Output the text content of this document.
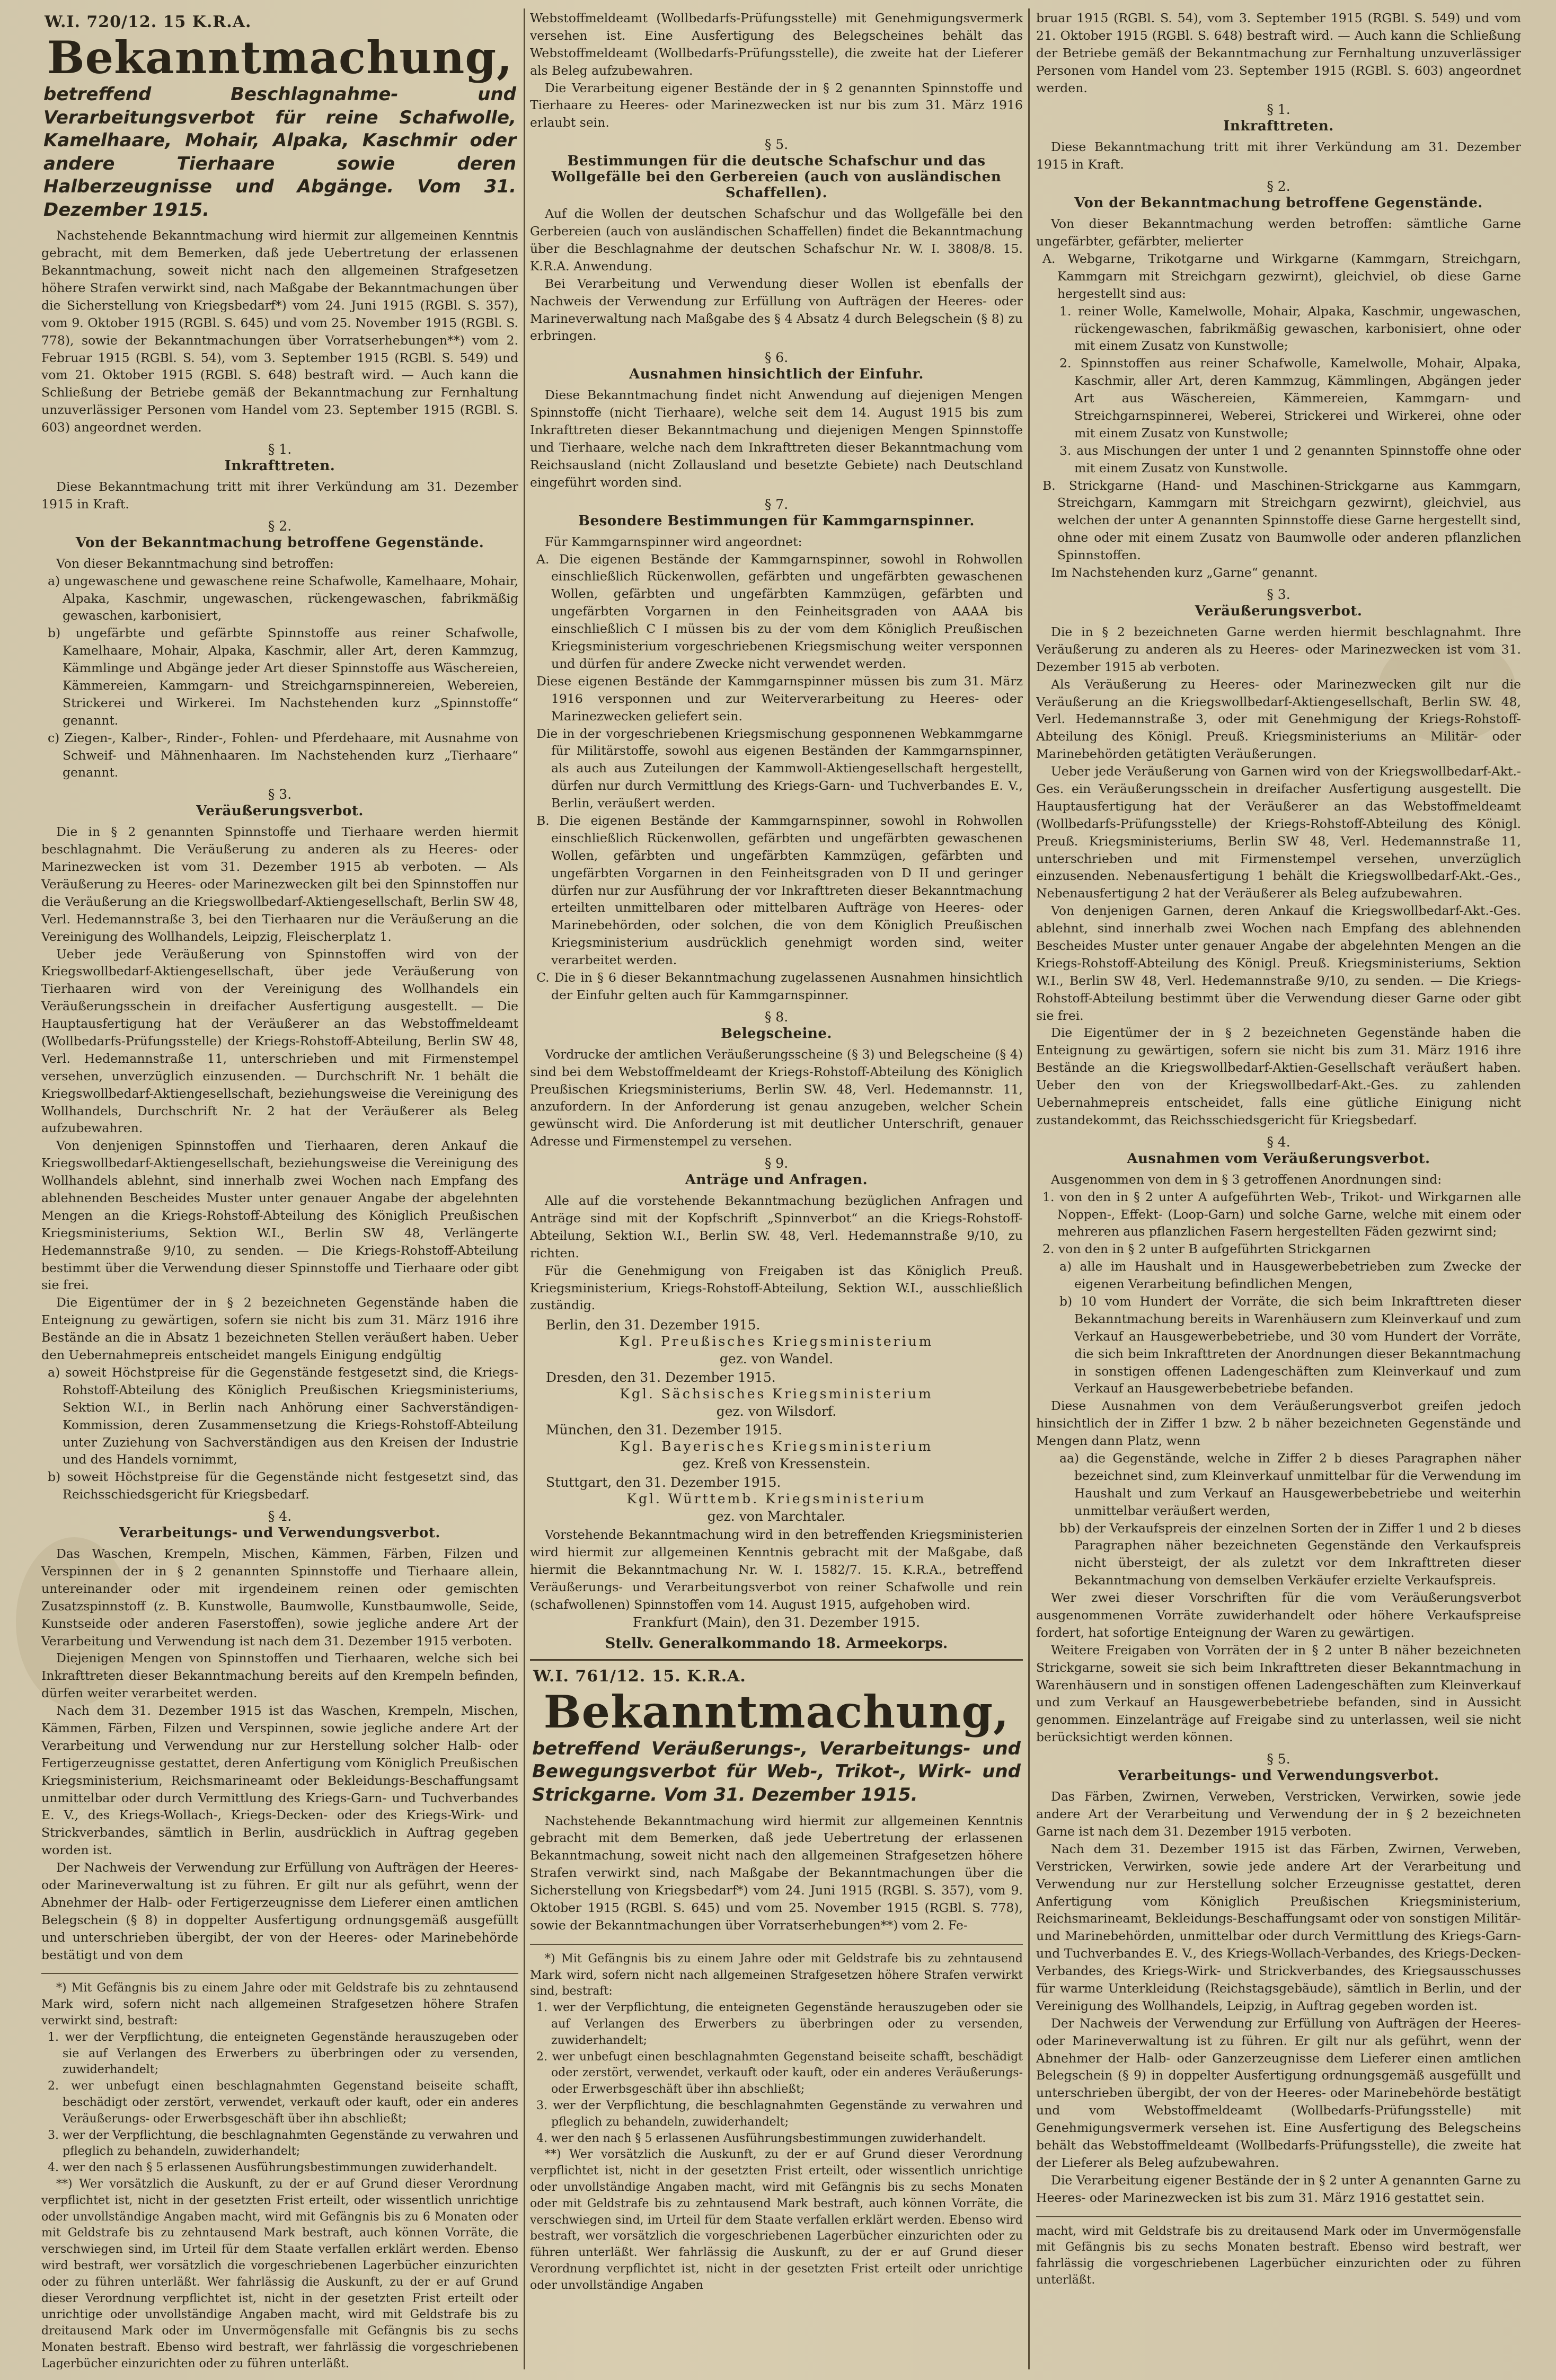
W.I. 720/12. 15 K.R.A.
Bekanntmachung,
betreffend Beschlagnahme- und Verarbeitungsverbot für reine Schafwolle, Kamelhaare, Mohair, Alpaka, Kaschmir oder andere Tierhaare sowie deren Halberzeugnisse und Abgänge. Vom 31. Dezember 1915.

Nachstehende Bekanntmachung wird hiermit zur allgemeinen Kenntnis gebracht, mit dem Bemerken, daß jede Uebertretung der erlassenen Bekanntmachung, soweit nicht nach den allgemeinen Strafgesetzen höhere Strafen verwirkt sind, nach Maßgabe der Bekanntmachungen über die Sicherstellung von Kriegsbedarf*) vom 24. Juni 1915 (RGBl. S. 357), vom 9. Oktober 1915 (RGBl. S. 645) und vom 25. November 1915 (RGBl. S. 778), sowie der Bekanntmachungen über Vorratserhebungen**) vom 2. Februar 1915 (RGBl. S. 54), vom 3. September 1915 (RGBl. S. 549) und vom 21. Oktober 1915 (RGBl. S. 648) bestraft wird. — Auch kann die Schließung der Betriebe gemäß der Bekanntmachung zur Fernhaltung unzuverlässiger Personen vom Handel vom 23. September 1915 (RGBl. S. 603) angeordnet werden.

§ 1.
Inkrafttreten.

Diese Bekanntmachung tritt mit ihrer Verkündung am 31. Dezember 1915 in Kraft.

§ 2.
Von der Bekanntmachung betroffene Gegenstände.

Von dieser Bekanntmachung sind betroffen:

a) ungewaschene und gewaschene reine Schafwolle, Kamelhaare, Mohair, Alpaka, Kaschmir, ungewaschen, rückengewaschen, fabrikmäßig gewaschen, karbonisiert,

b) ungefärbte und gefärbte Spinnstoffe aus reiner Schafwolle, Kamelhaare, Mohair, Alpaka, Kaschmir, aller Art, deren Kammzug, Kämmlinge und Abgänge jeder Art dieser Spinnstoffe aus Wäschereien, Kämmereien, Kammgarn- und Streichgarnspinnereien, Webereien, Strickerei und Wirkerei. Im Nachstehenden kurz „Spinnstoffe“ genannt.

c) Ziegen-, Kalber-, Rinder-, Fohlen- und Pferdehaare, mit Ausnahme von Schweif- und Mähnenhaaren. Im Nachstehenden kurz „Tierhaare“ genannt.

§ 3.
Veräußerungsverbot.

Die in § 2 genannten Spinnstoffe und Tierhaare werden hiermit beschlagnahmt. Die Veräußerung zu anderen als zu Heeres- oder Marinezwecken ist vom 31. Dezember 1915 ab verboten. — Als Veräußerung zu Heeres- oder Marinezwecken gilt bei den Spinnstoffen nur die Veräußerung an die Kriegswollbedarf-Aktiengesellschaft, Berlin SW 48, Verl. Hedemannstraße 3, bei den Tierhaaren nur die Veräußerung an die Vereinigung des Wollhandels, Leipzig, Fleischerplatz 1.

Ueber jede Veräußerung von Spinnstoffen wird von der Kriegswollbedarf-Aktiengesellschaft, über jede Veräußerung von Tierhaaren wird von der Vereinigung des Wollhandels ein Veräußerungsschein in dreifacher Ausfertigung ausgestellt. — Die Hauptausfertigung hat der Veräußerer an das Webstoffmeldeamt (Wollbedarfs-Prüfungsstelle) der Kriegs-Rohstoff-Abteilung, Berlin SW 48, Verl. Hedemannstraße 11, unterschrieben und mit Firmenstempel versehen, unverzüglich einzusenden. — Durchschrift Nr. 1 behält die Kriegswollbedarf-Aktiengesellschaft, beziehungsweise die Vereinigung des Wollhandels, Durchschrift Nr. 2 hat der Veräußerer als Beleg aufzubewahren.

Von denjenigen Spinnstoffen und Tierhaaren, deren Ankauf die Kriegswollbedarf-Aktiengesellschaft, beziehungsweise die Vereinigung des Wollhandels ablehnt, sind innerhalb zwei Wochen nach Empfang des ablehnenden Bescheides Muster unter genauer Angabe der abgelehnten Mengen an die Kriegs-Rohstoff-Abteilung des Königlich Preußischen Kriegsministeriums, Sektion W.I., Berlin SW 48, Verlängerte Hedemannstraße 9/10, zu senden. — Die Kriegs-Rohstoff-Abteilung bestimmt über die Verwendung dieser Spinnstoffe und Tierhaare oder gibt sie frei.

Die Eigentümer der in § 2 bezeichneten Gegenstände haben die Enteignung zu gewärtigen, sofern sie nicht bis zum 31. März 1916 ihre Bestände an die in Absatz 1 bezeichneten Stellen veräußert haben. Ueber den Uebernahmepreis entscheidet mangels Einigung endgültig

a) soweit Höchstpreise für die Gegenstände festgesetzt sind, die Kriegs-Rohstoff-Abteilung des Königlich Preußischen Kriegsministeriums, Sektion W.I., in Berlin nach Anhörung einer Sachverständigen-Kommission, deren Zusammensetzung die Kriegs-Rohstoff-Abteilung unter Zuziehung von Sachverständigen aus den Kreisen der Industrie und des Handels vornimmt,

b) soweit Höchstpreise für die Gegenstände nicht festgesetzt sind, das Reichsschiedsgericht für Kriegsbedarf.

§ 4.
Verarbeitungs- und Verwendungsverbot.

Das Waschen, Krempeln, Mischen, Kämmen, Färben, Filzen und Verspinnen der in § 2 genannten Spinnstoffe und Tierhaare allein, untereinander oder mit irgendeinem reinen oder gemischten Zusatzspinnstoff (z. B. Kunstwolle, Baumwolle, Kunstbaumwolle, Seide, Kunstseide oder anderen Faserstoffen), sowie jegliche andere Art der Verarbeitung und Verwendung ist nach dem 31. Dezember 1915 verboten.

Diejenigen Mengen von Spinnstoffen und Tierhaaren, welche sich bei Inkrafttreten dieser Bekanntmachung bereits auf den Krempeln befinden, dürfen weiter verarbeitet werden.

Nach dem 31. Dezember 1915 ist das Waschen, Krempeln, Mischen, Kämmen, Färben, Filzen und Verspinnen, sowie jegliche andere Art der Verarbeitung und Verwendung nur zur Herstellung solcher Halb- oder Fertigerzeugnisse gestattet, deren Anfertigung vom Königlich Preußischen Kriegsministerium, Reichsmarineamt oder Bekleidungs-Beschaffungsamt unmittelbar oder durch Vermittlung des Kriegs-Garn- und Tuchverbandes E. V., des Kriegs-Wollach-, Kriegs-Decken- oder des Kriegs-Wirk- und Strickverbandes, sämtlich in Berlin, ausdrücklich in Auftrag gegeben worden ist.

Der Nachweis der Verwendung zur Erfüllung von Aufträgen der Heeres- oder Marineverwaltung ist zu führen. Er gilt nur als geführt, wenn der Abnehmer der Halb- oder Fertigerzeugnisse dem Lieferer einen amtlichen Belegschein (§ 8) in doppelter Ausfertigung ordnungsgemäß ausgefüllt und unterschrieben übergibt, der von der Heeres- oder Marinebehörde bestätigt und von dem

*) Mit Gefängnis bis zu einem Jahre oder mit Geldstrafe bis zu zehntausend Mark wird, sofern nicht nach allgemeinen Strafgesetzen höhere Strafen verwirkt sind, bestraft:

1. wer der Verpflichtung, die enteigneten Gegenstände herauszugeben oder sie auf Verlangen des Erwerbers zu überbringen oder zu versenden, zuwiderhandelt;

2. wer unbefugt einen beschlagnahmten Gegenstand beiseite schafft, beschädigt oder zerstört, verwendet, verkauft oder kauft, oder ein anderes Veräußerungs- oder Erwerbsgeschäft über ihn abschließt;

3. wer der Verpflichtung, die beschlagnahmten Gegenstände zu verwahren und pfleglich zu behandeln, zuwiderhandelt;

4. wer den nach § 5 erlassenen Ausführungsbestimmungen zuwiderhandelt.

**) Wer vorsätzlich die Auskunft, zu der er auf Grund dieser Verordnung verpflichtet ist, nicht in der gesetzten Frist erteilt, oder wissentlich unrichtige oder unvollständige Angaben macht, wird mit Gefängnis bis zu 6 Monaten oder mit Geldstrafe bis zu zehntausend Mark bestraft, auch können Vorräte, die verschwiegen sind, im Urteil für dem Staate verfallen erklärt werden. Ebenso wird bestraft, wer vorsätzlich die vorgeschriebenen Lagerbücher einzurichten oder zu führen unterläßt. Wer fahrlässig die Auskunft, zu der er auf Grund dieser Verordnung verpflichtet ist, nicht in der gesetzten Frist erteilt oder unrichtige oder unvollständige Angaben macht, wird mit Geldstrafe bis zu dreitausend Mark oder im Unvermögensfalle mit Gefängnis bis zu sechs Monaten bestraft. Ebenso wird bestraft, wer fahrlässig die vorgeschriebenen Lagerbücher einzurichten oder zu führen unterläßt.

Webstoffmeldeamt (Wollbedarfs-Prüfungsstelle) mit Genehmigungsvermerk versehen ist. Eine Ausfertigung des Belegscheines behält das Webstoffmeldeamt (Wollbedarfs-Prüfungsstelle), die zweite hat der Lieferer als Beleg aufzubewahren.

Die Verarbeitung eigener Bestände der in § 2 genannten Spinnstoffe und Tierhaare zu Heeres- oder Marinezwecken ist nur bis zum 31. März 1916 erlaubt sein.

§ 5.
Bestimmungen für die deutsche Schafschur und das Wollgefälle bei den Gerbereien (auch von ausländischen Schaffellen).

Auf die Wollen der deutschen Schafschur und das Wollgefälle bei den Gerbereien (auch von ausländischen Schaffellen) findet die Bekanntmachung über die Beschlagnahme der deutschen Schafschur Nr. W. I. 3808/8. 15. K.R.A. Anwendung.

Bei Verarbeitung und Verwendung dieser Wollen ist ebenfalls der Nachweis der Verwendung zur Erfüllung von Aufträgen der Heeres- oder Marineverwaltung nach Maßgabe des § 4 Absatz 4 durch Belegschein (§ 8) zu erbringen.

§ 6.
Ausnahmen hinsichtlich der Einfuhr.

Diese Bekanntmachung findet nicht Anwendung auf diejenigen Mengen Spinnstoffe (nicht Tierhaare), welche seit dem 14. August 1915 bis zum Inkrafttreten dieser Bekanntmachung und diejenigen Mengen Spinnstoffe und Tierhaare, welche nach dem Inkrafttreten dieser Bekanntmachung vom Reichsausland (nicht Zollausland und besetzte Gebiete) nach Deutschland eingeführt worden sind.

§ 7.
Besondere Bestimmungen für Kammgarnspinner.

Für Kammgarnspinner wird angeordnet:

A. Die eigenen Bestände der Kammgarnspinner, sowohl in Rohwollen einschließlich Rückenwollen, gefärbten und ungefärbten gewaschenen Wollen, gefärbten und ungefärbten Kammzügen, gefärbten und ungefärbten Vorgarnen in den Feinheitsgraden von AAAA bis einschließlich C I müssen bis zu der vom dem Königlich Preußischen Kriegsministerium vorgeschriebenen Kriegsmischung weiter versponnen und dürfen für andere Zwecke nicht verwendet werden.

Diese eigenen Bestände der Kammgarnspinner müssen bis zum 31. März 1916 versponnen und zur Weiterverarbeitung zu Heeres- oder Marinezwecken geliefert sein.

Die in der vorgeschriebenen Kriegsmischung gesponnenen Webkammgarne für Militärstoffe, sowohl aus eigenen Beständen der Kammgarnspinner, als auch aus Zuteilungen der Kammwoll-Aktiengesellschaft hergestellt, dürfen nur durch Vermittlung des Kriegs-Garn- und Tuchverbandes E. V., Berlin, veräußert werden.

B. Die eigenen Bestände der Kammgarnspinner, sowohl in Rohwollen einschließlich Rückenwollen, gefärbten und ungefärbten gewaschenen Wollen, gefärbten und ungefärbten Kammzügen, gefärbten und ungefärbten Vorgarnen in den Feinheitsgraden von D II und geringer dürfen nur zur Ausführung der vor Inkrafttreten dieser Bekanntmachung erteilten unmittelbaren oder mittelbaren Aufträge von Heeres- oder Marinebehörden, oder solchen, die von dem Königlich Preußischen Kriegsministerium ausdrücklich genehmigt worden sind, weiter verarbeitet werden.

C. Die in § 6 dieser Bekanntmachung zugelassenen Ausnahmen hinsichtlich der Einfuhr gelten auch für Kammgarnspinner.

§ 8.
Belegscheine.

Vordrucke der amtlichen Veräußerungsscheine (§ 3) und Belegscheine (§ 4) sind bei dem Webstoffmeldeamt der Kriegs-Rohstoff-Abteilung des Königlich Preußischen Kriegsministeriums, Berlin SW. 48, Verl. Hedemannstr. 11, anzufordern. In der Anforderung ist genau anzugeben, welcher Schein gewünscht wird. Die Anforderung ist mit deutlicher Unterschrift, genauer Adresse und Firmenstempel zu versehen.

§ 9.
Anträge und Anfragen.

Alle auf die vorstehende Bekanntmachung bezüglichen Anfragen und Anträge sind mit der Kopfschrift „Spinnverbot“ an die Kriegs-Rohstoff-Abteilung, Sektion W.I., Berlin SW. 48, Verl. Hedemannstraße 9/10, zu richten.

Für die Genehmigung von Freigaben ist das Königlich Preuß. Kriegsministerium, Kriegs-Rohstoff-Abteilung, Sektion W.I., ausschließlich zuständig.

Berlin, den 31. Dezember 1915.
Kgl. Preußisches Kriegsministerium
gez. von Wandel.
Dresden, den 31. Dezember 1915.
Kgl. Sächsisches Kriegsministerium
gez. von Wilsdorf.
München, den 31. Dezember 1915.
Kgl. Bayerisches Kriegsministerium
gez. Kreß von Kressenstein.
Stuttgart, den 31. Dezember 1915.
Kgl. Württemb. Kriegsministerium
gez. von Marchtaler.

Vorstehende Bekanntmachung wird in den betreffenden Kriegsministerien wird hiermit zur allgemeinen Kenntnis gebracht mit der Maßgabe, daß hiermit die Bekanntmachung Nr. W. I. 1582/7. 15. K.R.A., betreffend Veräußerungs- und Verarbeitungsverbot von reiner Schafwolle und rein (schafwollenen) Spinnstoffen vom 14. August 1915, aufgehoben wird.

Frankfurt (Main), den 31. Dezember 1915.
Stellv. Generalkommando 18. Armeekorps.
W.I. 761/12. 15. K.R.A.
Bekanntmachung,
betreffend Veräußerungs-, Verarbeitungs- und Bewegungsverbot für Web-, Trikot-, Wirk- und Strickgarne. Vom 31. Dezember 1915.

Nachstehende Bekanntmachung wird hiermit zur allgemeinen Kenntnis gebracht mit dem Bemerken, daß jede Uebertretung der erlassenen Bekanntmachung, soweit nicht nach den allgemeinen Strafgesetzen höhere Strafen verwirkt sind, nach Maßgabe der Bekanntmachungen über die Sicherstellung von Kriegsbedarf*) vom 24. Juni 1915 (RGBl. S. 357), vom 9. Oktober 1915 (RGBl. S. 645) und vom 25. November 1915 (RGBl. S. 778), sowie der Bekanntmachungen über Vorratserhebungen**) vom 2. Fe-

*) Mit Gefängnis bis zu einem Jahre oder mit Geldstrafe bis zu zehntausend Mark wird, sofern nicht nach allgemeinen Strafgesetzen höhere Strafen verwirkt sind, bestraft:

1. wer der Verpflichtung, die enteigneten Gegenstände herauszugeben oder sie auf Verlangen des Erwerbers zu überbringen oder zu versenden, zuwiderhandelt;

2. wer unbefugt einen beschlagnahmten Gegenstand beiseite schafft, beschädigt oder zerstört, verwendet, verkauft oder kauft, oder ein anderes Veräußerungs- oder Erwerbsgeschäft über ihn abschließt;

3. wer der Verpflichtung, die beschlagnahmten Gegenstände zu verwahren und pfleglich zu behandeln, zuwiderhandelt;

4. wer den nach § 5 erlassenen Ausführungsbestimmungen zuwiderhandelt.

**) Wer vorsätzlich die Auskunft, zu der er auf Grund dieser Verordnung verpflichtet ist, nicht in der gesetzten Frist erteilt, oder wissentlich unrichtige oder unvollständige Angaben macht, wird mit Gefängnis bis zu sechs Monaten oder mit Geldstrafe bis zu zehntausend Mark bestraft, auch können Vorräte, die verschwiegen sind, im Urteil für dem Staate verfallen erklärt werden. Ebenso wird bestraft, wer vorsätzlich die vorgeschriebenen Lagerbücher einzurichten oder zu führen unterläßt. Wer fahrlässig die Auskunft, zu der er auf Grund dieser Verordnung verpflichtet ist, nicht in der gesetzten Frist erteilt oder unrichtige oder unvollständige Angaben

bruar 1915 (RGBl. S. 54), vom 3. September 1915 (RGBl. S. 549) und vom 21. Oktober 1915 (RGBl. S. 648) bestraft wird. — Auch kann die Schließung der Betriebe gemäß der Bekanntmachung zur Fernhaltung unzuverlässiger Personen vom Handel vom 23. September 1915 (RGBl. S. 603) angeordnet werden.

§ 1.
Inkrafttreten.

Diese Bekanntmachung tritt mit ihrer Verkündung am 31. Dezember 1915 in Kraft.

§ 2.
Von der Bekanntmachung betroffene Gegenstände.

Von dieser Bekanntmachung werden betroffen: sämtliche Garne ungefärbter, gefärbter, melierter

A. Webgarne, Trikotgarne und Wirkgarne (Kammgarn, Streichgarn, Kammgarn mit Streichgarn gezwirnt), gleichviel, ob diese Garne hergestellt sind aus:

1. reiner Wolle, Kamelwolle, Mohair, Alpaka, Kaschmir, ungewaschen, rückengewaschen, fabrikmäßig gewaschen, karbonisiert, ohne oder mit einem Zusatz von Kunstwolle;

2. Spinnstoffen aus reiner Schafwolle, Kamelwolle, Mohair, Alpaka, Kaschmir, aller Art, deren Kammzug, Kämmlingen, Abgängen jeder Art aus Wäschereien, Kämmereien, Kammgarn- und Streichgarnspinnerei, Weberei, Strickerei und Wirkerei, ohne oder mit einem Zusatz von Kunstwolle;

3. aus Mischungen der unter 1 und 2 genannten Spinnstoffe ohne oder mit einem Zusatz von Kunstwolle.

B. Strickgarne (Hand- und Maschinen-Strickgarne aus Kammgarn, Streichgarn, Kammgarn mit Streichgarn gezwirnt), gleichviel, aus welchen der unter A genannten Spinnstoffe diese Garne hergestellt sind, ohne oder mit einem Zusatz von Baumwolle oder anderen pflanzlichen Spinnstoffen.

Im Nachstehenden kurz „Garne“ genannt.

§ 3.
Veräußerungsverbot.

Die in § 2 bezeichneten Garne werden hiermit beschlagnahmt. Ihre Veräußerung zu anderen als zu Heeres- oder Marinezwecken ist vom 31. Dezember 1915 ab verboten.

Als Veräußerung zu Heeres- oder Marinezwecken gilt nur die Veräußerung an die Kriegswollbedarf-Aktiengesellschaft, Berlin SW. 48, Verl. Hedemannstraße 3, oder mit Genehmigung der Kriegs-Rohstoff-Abteilung des Königl. Preuß. Kriegsministeriums an Militär- oder Marinebehörden getätigten Veräußerungen.

Ueber jede Veräußerung von Garnen wird von der Kriegswollbedarf-Akt.-Ges. ein Veräußerungsschein in dreifacher Ausfertigung ausgestellt. Die Hauptausfertigung hat der Veräußerer an das Webstoffmeldeamt (Wollbedarfs-Prüfungsstelle) der Kriegs-Rohstoff-Abteilung des Königl. Preuß. Kriegsministeriums, Berlin SW 48, Verl. Hedemannstraße 11, unterschrieben und mit Firmenstempel versehen, unverzüglich einzusenden. Nebenausfertigung 1 behält die Kriegswollbedarf-Akt.-Ges., Nebenausfertigung 2 hat der Veräußerer als Beleg aufzubewahren.

Von denjenigen Garnen, deren Ankauf die Kriegswollbedarf-Akt.-Ges. ablehnt, sind innerhalb zwei Wochen nach Empfang des ablehnenden Bescheides Muster unter genauer Angabe der abgelehnten Mengen an die Kriegs-Rohstoff-Abteilung des Königl. Preuß. Kriegsministeriums, Sektion W.I., Berlin SW 48, Verl. Hedemannstraße 9/10, zu senden. — Die Kriegs-Rohstoff-Abteilung bestimmt über die Verwendung dieser Garne oder gibt sie frei.

Die Eigentümer der in § 2 bezeichneten Gegenstände haben die Enteignung zu gewärtigen, sofern sie nicht bis zum 31. März 1916 ihre Bestände an die Kriegswollbedarf-Aktien-Gesellschaft veräußert haben. Ueber den von der Kriegswollbedarf-Akt.-Ges. zu zahlenden Uebernahmepreis entscheidet, falls eine gütliche Einigung nicht zustandekommt, das Reichsschiedsgericht für Kriegsbedarf.

§ 4.
Ausnahmen vom Veräußerungsverbot.

Ausgenommen von dem in § 3 getroffenen Anordnungen sind:

1. von den in § 2 unter A aufgeführten Web-, Trikot- und Wirkgarnen alle Noppen-, Effekt- (Loop-Garn) und solche Garne, welche mit einem oder mehreren aus pflanzlichen Fasern hergestellten Fäden gezwirnt sind;

2. von den in § 2 unter B aufgeführten Strickgarnen

a) alle im Haushalt und in Hausgewerbebetrieben zum Zwecke der eigenen Verarbeitung befindlichen Mengen,

b) 10 vom Hundert der Vorräte, die sich beim Inkrafttreten dieser Bekanntmachung bereits in Warenhäusern zum Kleinverkauf und zum Verkauf an Hausgewerbebetriebe, und 30 vom Hundert der Vorräte, die sich beim Inkrafttreten der Anordnungen dieser Bekanntmachung in sonstigen offenen Ladengeschäften zum Kleinverkauf und zum Verkauf an Hausgewerbebetriebe befanden.

Diese Ausnahmen von dem Veräußerungsverbot greifen jedoch hinsichtlich der in Ziffer 1 bzw. 2 b näher bezeichneten Gegenstände und Mengen dann Platz, wenn

aa) die Gegenstände, welche in Ziffer 2 b dieses Paragraphen näher bezeichnet sind, zum Kleinverkauf unmittelbar für die Verwendung im Haushalt und zum Verkauf an Hausgewerbebetriebe und weiterhin unmittelbar veräußert werden,

bb) der Verkaufspreis der einzelnen Sorten der in Ziffer 1 und 2 b dieses Paragraphen näher bezeichneten Gegenstände den Verkaufspreis nicht übersteigt, der als zuletzt vor dem Inkrafttreten dieser Bekanntmachung von demselben Verkäufer erzielte Verkaufspreis.

Wer zwei dieser Vorschriften für die vom Veräußerungsverbot ausgenommenen Vorräte zuwiderhandelt oder höhere Verkaufspreise fordert, hat sofortige Enteignung der Waren zu gewärtigen.

Weitere Freigaben von Vorräten der in § 2 unter B näher bezeichneten Strickgarne, soweit sie sich beim Inkrafttreten dieser Bekanntmachung in Warenhäusern und in sonstigen offenen Ladengeschäften zum Kleinverkauf und zum Verkauf an Hausgewerbebetriebe befanden, sind in Aussicht genommen. Einzelanträge auf Freigabe sind zu unterlassen, weil sie nicht berücksichtigt werden können.

§ 5.
Verarbeitungs- und Verwendungsverbot.

Das Färben, Zwirnen, Verweben, Verstricken, Verwirken, sowie jede andere Art der Verarbeitung und Verwendung der in § 2 bezeichneten Garne ist nach dem 31. Dezember 1915 verboten.

Nach dem 31. Dezember 1915 ist das Färben, Zwirnen, Verweben, Verstricken, Verwirken, sowie jede andere Art der Verarbeitung und Verwendung nur zur Herstellung solcher Erzeugnisse gestattet, deren Anfertigung vom Königlich Preußischen Kriegsministerium, Reichsmarineamt, Bekleidungs-Beschaffungsamt oder von sonstigen Militär- und Marinebehörden, unmittelbar oder durch Vermittlung des Kriegs-Garn- und Tuchverbandes E. V., des Kriegs-Wollach-Verbandes, des Kriegs-Decken-Verbandes, des Kriegs-Wirk- und Strickverbandes, des Kriegsausschusses für warme Unterkleidung (Reichstagsgebäude), sämtlich in Berlin, und der Vereinigung des Wollhandels, Leipzig, in Auftrag gegeben worden ist.

Der Nachweis der Verwendung zur Erfüllung von Aufträgen der Heeres- oder Marineverwaltung ist zu führen. Er gilt nur als geführt, wenn der Abnehmer der Halb- oder Ganzerzeugnisse dem Lieferer einen amtlichen Belegschein (§ 9) in doppelter Ausfertigung ordnungsgemäß ausgefüllt und unterschrieben übergibt, der von der Heeres- oder Marinebehörde bestätigt und vom Webstoffmeldeamt (Wollbedarfs-Prüfungsstelle) mit Genehmigungsvermerk versehen ist. Eine Ausfertigung des Belegscheins behält das Webstoffmeldeamt (Wollbedarfs-Prüfungsstelle), die zweite hat der Lieferer als Beleg aufzubewahren.

Die Verarbeitung eigener Bestände der in § 2 unter A genannten Garne zu Heeres- oder Marinezwecken ist bis zum 31. März 1916 gestattet sein.

macht, wird mit Geldstrafe bis zu dreitausend Mark oder im Unvermögensfalle mit Gefängnis bis zu sechs Monaten bestraft. Ebenso wird bestraft, wer fahrlässig die vorgeschriebenen Lagerbücher einzurichten oder zu führen unterläßt.
